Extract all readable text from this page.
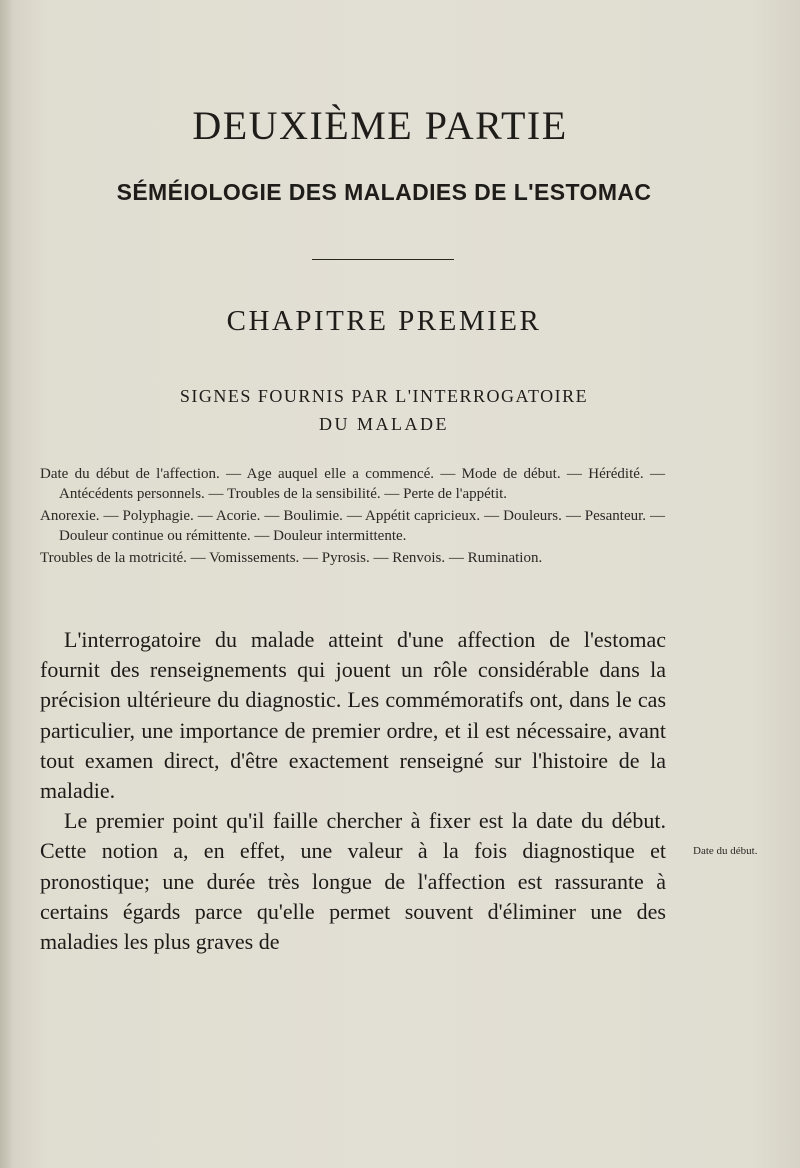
DEUXIÈME PARTIE
SÉMÉIOLOGIE DES MALADIES DE L'ESTOMAC
CHAPITRE PREMIER
SIGNES FOURNIS PAR L'INTERROGATOIRE
DU MALADE

Date du début de l'affection. — Age auquel elle a commencé. — Mode de début. — Hérédité. — Antécédents personnels. — Troubles de la sensibilité. — Perte de l'appétit.

Anorexie. — Polyphagie. — Acorie. — Boulimie. — Appétit capricieux. — Douleurs. — Pesanteur. — Douleur continue ou rémittente. — Douleur intermittente.

Troubles de la motricité. — Vomissements. — Pyrosis. — Renvois. — Rumination.

L'interrogatoire du malade atteint d'une affection de l'estomac fournit des renseignements qui jouent un rôle considérable dans la précision ultérieure du diagnostic. Les commémoratifs ont, dans le cas particulier, une importance de premier ordre, et il est nécessaire, avant tout examen direct, d'être exactement renseigné sur l'histoire de la maladie.

Le premier point qu'il faille chercher à fixer est la date du début. Cette notion a, en effet, une valeur à la fois diagnostique et pronostique; une durée très longue de l'affection est rassurante à certains égards parce qu'elle permet souvent d'éliminer une des maladies les plus graves de

Date du début.
